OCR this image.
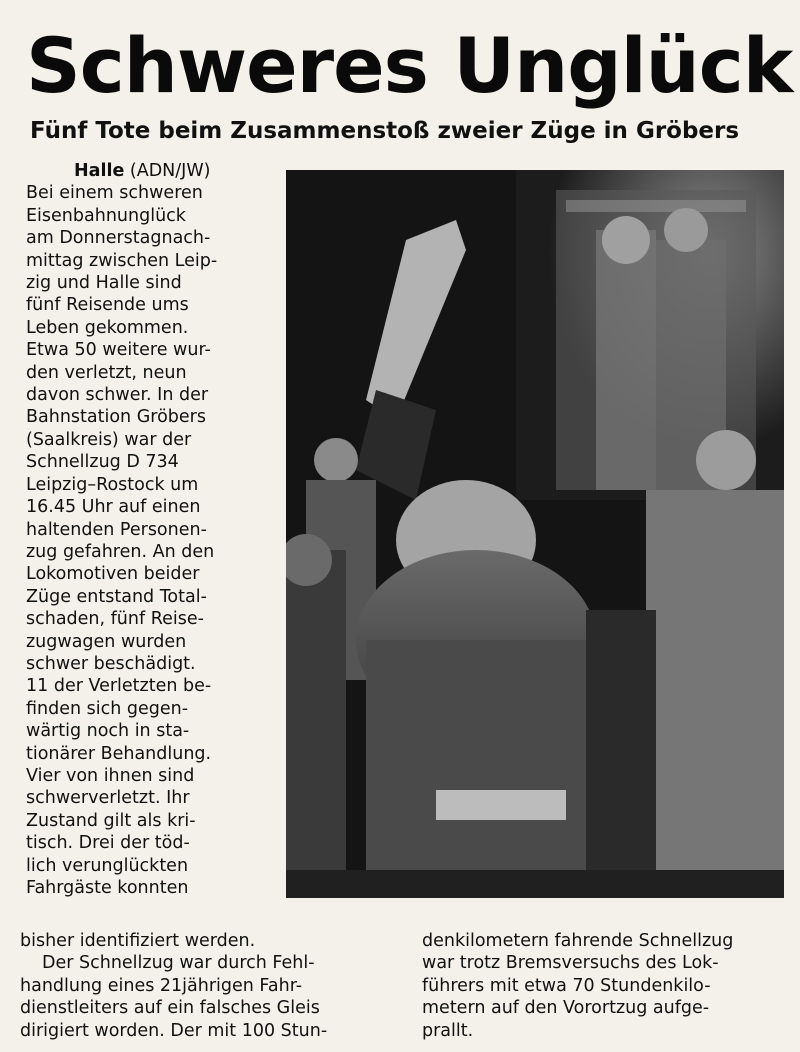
Schweres Unglück
Fünf Tote beim Zusammenstoß zweier Züge in Gröbers
Halle (ADN/JW)
Bei einem schweren
Eisenbahnunglück
am Donnerstagnach-
mittag zwischen Leip-
zig und Halle sind
fünf Reisende ums
Leben gekommen.
Etwa 50 weitere wur-
den verletzt, neun
davon schwer. In der
Bahnstation Gröbers
(Saalkreis) war der
Schnellzug D 734
Leipzig–Rostock um
16.45 Uhr auf einen
haltenden Personen-
zug gefahren. An den
Lokomotiven beider
Züge entstand Total-
schaden, fünf Reise-
zugwagen wurden
schwer beschädigt.
11 der Verletzten be-
finden sich gegen-
wärtig noch in sta-
tionärer Behandlung.
Vier von ihnen sind
schwerverletzt. Ihr
Zustand gilt als kri-
tisch. Drei der töd-
lich verunglückten
Fahrgäste konnten
bisher identifiziert werden.
Der Schnellzug war durch Fehl-
handlung eines 21jährigen Fahr-
dienstleiters auf ein falsches Gleis
dirigiert worden. Der mit 100 Stun-
denkilometern fahrende Schnellzug
war trotz Bremsversuchs des Lok-
führers mit etwa 70 Stundenkilo-
metern auf den Vorortzug aufge-
prallt.
